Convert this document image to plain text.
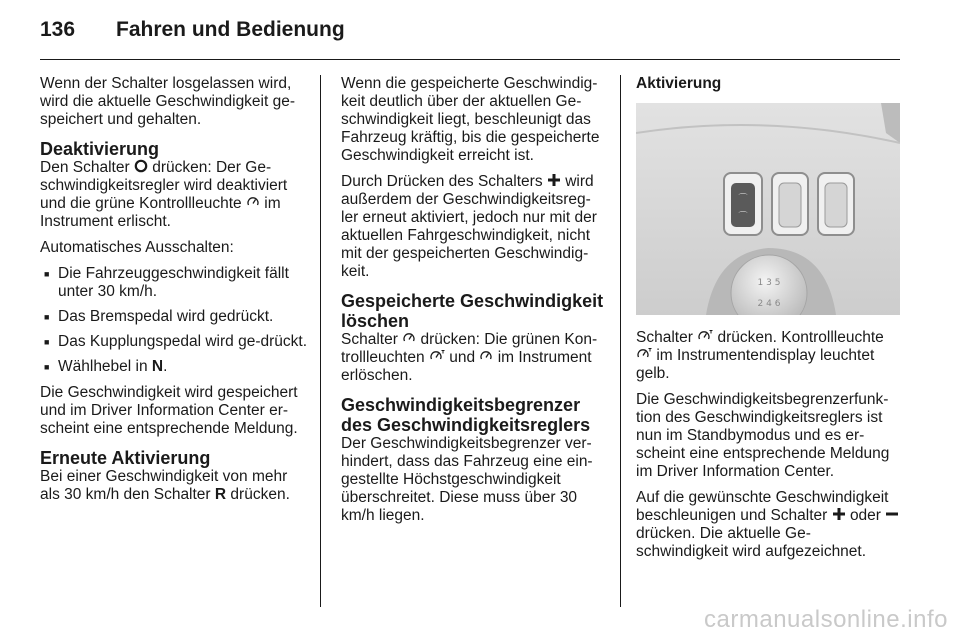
136 Fahren und Bedienung

Wenn der Schalter losgelassen wird, wird die aktuelle Geschwindigkeit ge-speichert und gehalten.

Deaktivierung

Den Schalter drücken: Der Ge-schwindigkeitsregler wird deaktiviert und die grüne Kontrollleuchte im Instrument erlischt.

Automatisches Ausschalten:

■ Die Fahrzeuggeschwindigkeit fällt unter 30 km/h.
■ Das Bremspedal wird gedrückt.
■ Das Kupplungspedal wird ge-drückt.
■ Wählhebel in N.

Die Geschwindigkeit wird gespeichert und im Driver Information Center er-scheint eine entsprechende Meldung.

Erneute Aktivierung

Bei einer Geschwindigkeit von mehr als 30 km/h den Schalter R drücken.

Wenn die gespeicherte Geschwindig-keit deutlich über der aktuellen Ge-schwindigkeit liegt, beschleunigt das Fahrzeug kräftig, bis die gespeicherte Geschwindigkeit erreicht ist.

Durch Drücken des Schalters wird außerdem der Geschwindigkeitsreg-ler erneut aktiviert, jedoch nur mit der aktuellen Fahrgeschwindigkeit, nicht mit der gespeicherten Geschwindig-keit.

Gespeicherte Geschwindigkeit löschen

Schalter drücken: Die grünen Kon-trollleuchten und im Instrument erlöschen.

Geschwindigkeitsbegrenzer des Geschwindigkeitsreglers

Der Geschwindigkeitsbegrenzer ver-hindert, dass das Fahrzeug eine ein-gestellte Höchstgeschwindigkeit überschreitet. Diese muss über 30 km/h liegen.

Aktivierung
⌒
⌒
1 3 5
2 4 6

Schalter drücken. Kontrollleuchte  im Instrumentendisplay leuchtet gelb.

Die Geschwindigkeitsbegrenzerfunk-tion des Geschwindigkeitsreglers ist nun im Standbymodus und es er-scheint eine entsprechende Meldung im Driver Information Center.

Auf die gewünschte Geschwindigkeit beschleunigen und Schalter oder  drücken. Die aktuelle Ge-schwindigkeit wird aufgezeichnet.

carmanualsonline.info
